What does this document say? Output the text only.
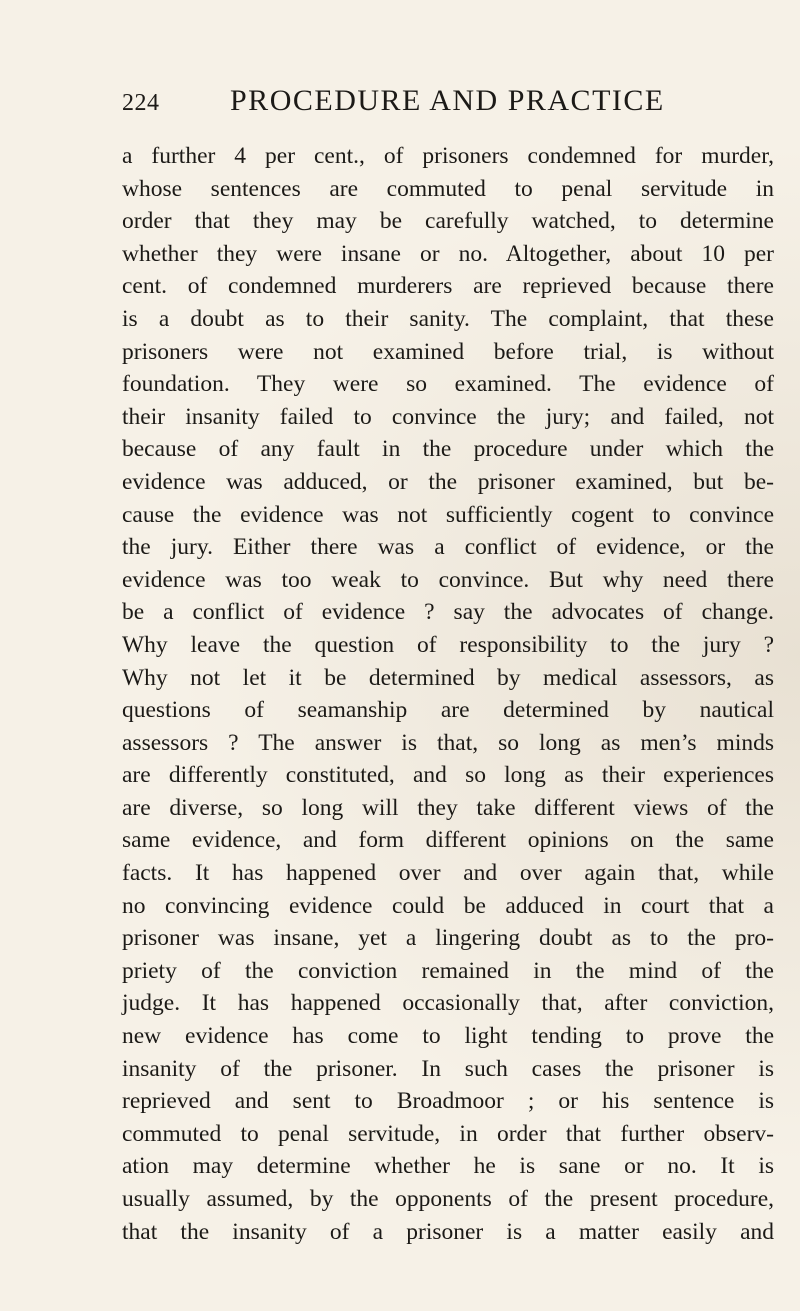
224 PROCEDURE AND PRACTICE
a further 4 per cent., of prisoners condemned for murder,
whose sentences are commuted to penal servitude in
order that they may be carefully watched, to determine
whether they were insane or no. Altogether, about 10 per
cent. of condemned murderers are reprieved because there
is a doubt as to their sanity. The complaint, that these
prisoners were not examined before trial, is without
foundation. They were so examined. The evidence of
their insanity failed to convince the jury; and failed, not
because of any fault in the procedure under which the
evidence was adduced, or the prisoner examined, but be-
cause the evidence was not sufficiently cogent to convince
the jury. Either there was a conflict of evidence, or the
evidence was too weak to convince. But why need there
be a conflict of evidence ? say the advocates of change.
Why leave the question of responsibility to the jury ?
Why not let it be determined by medical assessors, as
questions of seamanship are determined by nautical
assessors ? The answer is that, so long as men’s minds
are differently constituted, and so long as their experiences
are diverse, so long will they take different views of the
same evidence, and form different opinions on the same
facts. It has happened over and over again that, while
no convincing evidence could be adduced in court that a
prisoner was insane, yet a lingering doubt as to the pro-
priety of the conviction remained in the mind of the
judge. It has happened occasionally that, after conviction,
new evidence has come to light tending to prove the
insanity of the prisoner. In such cases the prisoner is
reprieved and sent to Broadmoor ; or his sentence is
commuted to penal servitude, in order that further observ-
ation may determine whether he is sane or no. It is
usually assumed, by the opponents of the present procedure,
that the insanity of a prisoner is a matter easily and
